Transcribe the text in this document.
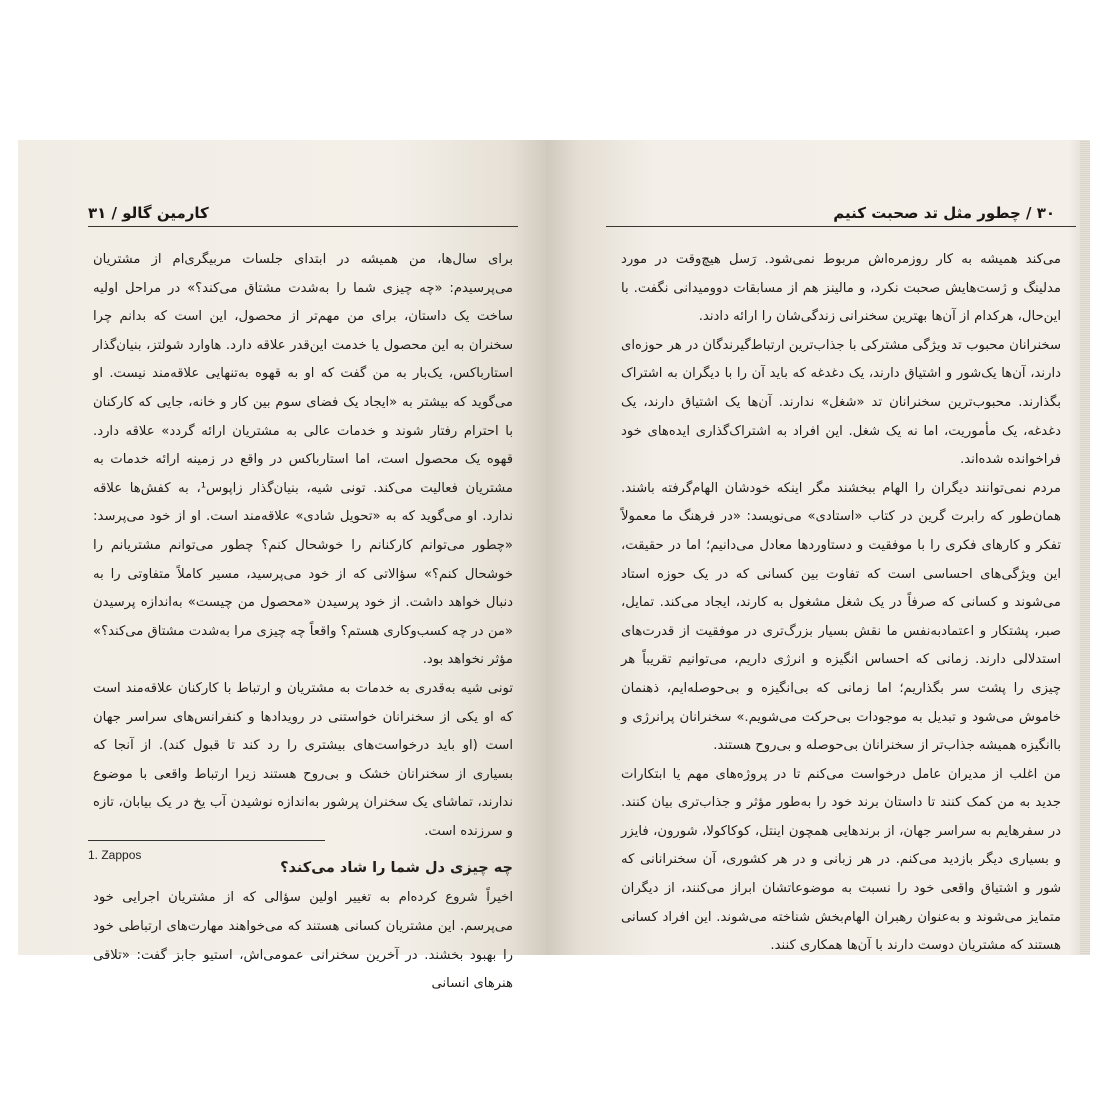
کارمین گالو / ۳۱

برای سال‌ها، من همیشه در ابتدای جلسات مربیگری‌ام از مشتریان می‌پرسیدم: «چه چیزی شما را به‌شدت مشتاق می‌کند؟» در مراحل اولیه ساخت یک داستان، برای من مهم‌تر از محصول، این است که بدانم چرا سخنران به این محصول یا خدمت این‌قدر علاقه دارد. هاوارد شولتز، بنیان‌گذار استارباکس، یک‌بار به من گفت که او به قهوه به‌تنهایی علاقه‌مند نیست. او می‌گوید که بیشتر به «ایجاد یک فضای سوم بین کار و خانه، جایی که کارکنان با احترام رفتار شوند و خدمات عالی به مشتریان ارائه گردد» علاقه دارد. قهوه یک محصول است، اما استارباکس در واقع در زمینه ارائه خدمات به مشتریان فعالیت می‌کند. تونی شیه، بنیان‌گذار زاپوس¹، به کفش‌ها علاقه ندارد. او می‌گوید که به «تحویل شادی» علاقه‌مند است. او از خود می‌پرسد: «چطور می‌توانم کارکنانم را خوشحال کنم؟ چطور می‌توانم مشتریانم را خوشحال کنم؟» سؤالاتی که از خود می‌پرسید، مسیر کاملاً متفاوتی را به دنبال خواهد داشت. از خود پرسیدن «محصول من چیست» به‌اندازه پرسیدن «من در چه کسب‌وکاری هستم؟ واقعاً چه چیزی مرا به‌شدت مشتاق می‌کند؟» مؤثر نخواهد بود.

تونی شیه به‌قدری به خدمات به مشتریان و ارتباط با کارکنان علاقه‌مند است که او یکی از سخنرانان خواستنی در رویدادها و کنفرانس‌های سراسر جهان است (او باید درخواست‌های بیشتری را رد کند تا قبول کند). از آنجا که بسیاری از سخنرانان خشک و بی‌روح هستند زیرا ارتباط واقعی با موضوع ندارند، تماشای یک سخنران پرشور به‌اندازه نوشیدن آب یخ در یک بیابان، تازه و سرزنده است.

چه چیزی دل شما را شاد می‌کند؟

اخیراً شروع کرده‌ام به تغییر اولین سؤالی که از مشتریان اجرایی خود می‌پرسم. این مشتریان کسانی هستند که می‌خواهند مهارت‌های ارتباطی خود را بهبود بخشند. در آخرین سخنرانی عمومی‌اش، استیو جابز گفت: «تلاقی هنرهای انسانی

1. Zappos
۳۰ / چطور مثل تد صحبت کنیم

می‌کند همیشه به کار روزمره‌اش مربوط نمی‌شود. رَسل هیچ‌وقت در مورد مدلینگ و ژست‌هایش صحبت نکرد، و مالینز هم از مسابقات دوومیدانی نگفت. با این‌حال، هرکدام از آن‌ها بهترین سخنرانی زندگی‌شان را ارائه دادند.

سخنرانان محبوب تد ویژگی مشترکی با جذاب‌ترین ارتباط‌گیرندگان در هر حوزه‌ای دارند، آن‌ها یک‌شور و اشتیاق دارند، یک دغدغه که باید آن را با دیگران به اشتراک بگذارند. محبوب‌ترین سخنرانان تد «شغل» ندارند. آن‌ها یک اشتیاق دارند، یک دغدغه، یک مأموریت، اما نه یک شغل. این افراد به اشتراک‌گذاری ایده‌های خود فراخوانده شده‌اند.

مردم نمی‌توانند دیگران را الهام ببخشند مگر اینکه خودشان الهام‌گرفته باشند. همان‌طور که رابرت گرین در کتاب «استادی» می‌نویسد: «در فرهنگ ما معمولاً تفکر و کارهای فکری را با موفقیت و دستاوردها معادل می‌دانیم؛ اما در حقیقت، این ویژگی‌های احساسی است که تفاوت بین کسانی که در یک حوزه استاد می‌شوند و کسانی که صرفاً در یک شغل مشغول به کارند، ایجاد می‌کند. تمایل، صبر، پشتکار و اعتماد‌به‌نفس ما نقش بسیار بزرگ‌تری در موفقیت از قدرت‌های استدلالی دارند. زمانی که احساس انگیزه و انرژی داریم، می‌توانیم تقریباً هر چیزی را پشت سر بگذاریم؛ اما زمانی که بی‌انگیزه و بی‌حوصله‌ایم، ذهنمان خاموش می‌شود و تبدیل به موجودات بی‌حرکت می‌شویم.» سخنرانان پرانرژی و باانگیزه همیشه جذاب‌تر از سخنرانان بی‌حوصله و بی‌روح هستند.

من اغلب از مدیران عامل درخواست می‌کنم تا در پروژه‌های مهم یا ابتکارات جدید به من کمک کنند تا داستان برند خود را به‌طور مؤثر و جذاب‌تری بیان کنند. در سفرهایم به سراسر جهان، از برندهایی همچون اینتل، کوکاکولا، شورون، فایزر و بسیاری دیگر بازدید می‌کنم. در هر زبانی و در هر کشوری، آن سخنرانانی که شور و اشتیاق واقعی خود را نسبت به موضوعاتشان ابراز می‌کنند، از دیگران متمایز می‌شوند و به‌عنوان رهبران الهام‌بخش شناخته می‌شوند. این افراد کسانی هستند که مشتریان دوست دارند با آن‌ها همکاری کنند.
